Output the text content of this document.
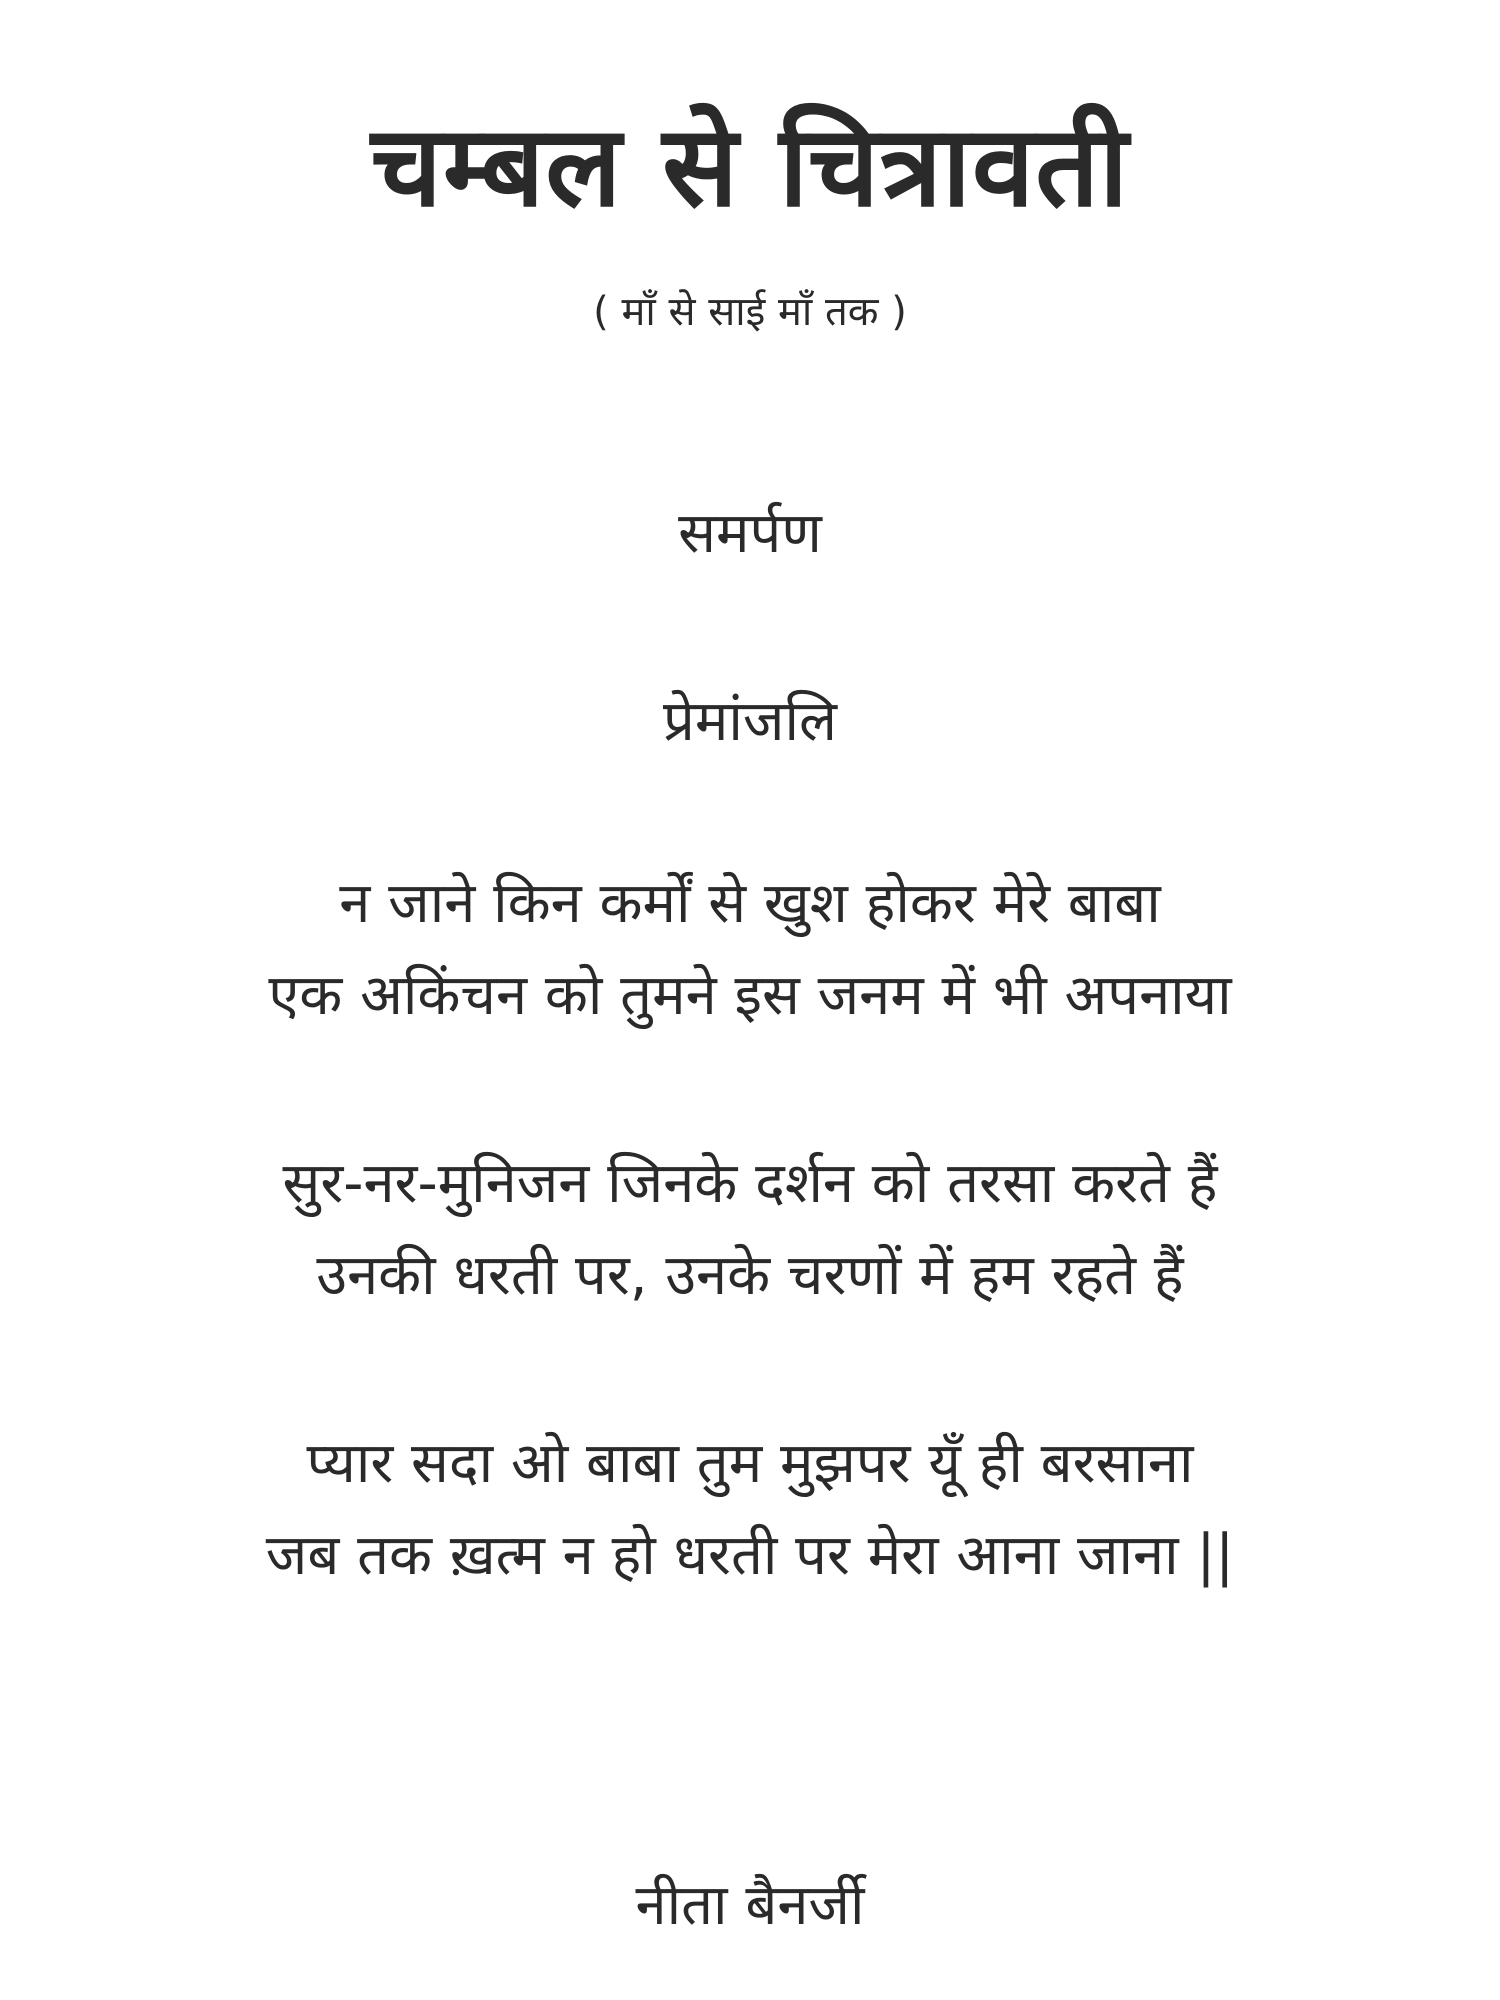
चम्बल से चित्रावती
( माँ से साई माँ तक )
समर्पण
प्रेमांजलि
न जाने किन कर्मों से खुश होकर मेरे बाबा
एक अकिंचन को तुमने इस जनम में भी अपनाया
सुर-नर-मुनिजन जिनके दर्शन को तरसा करते हैं
उनकी धरती पर, उनके चरणों में हम रहते हैं
प्यार सदा ओ बाबा तुम मुझपर यूँ ही बरसाना
जब तक ख़त्म न हो धरती पर मेरा आना जाना ||
नीता बैनर्जी
